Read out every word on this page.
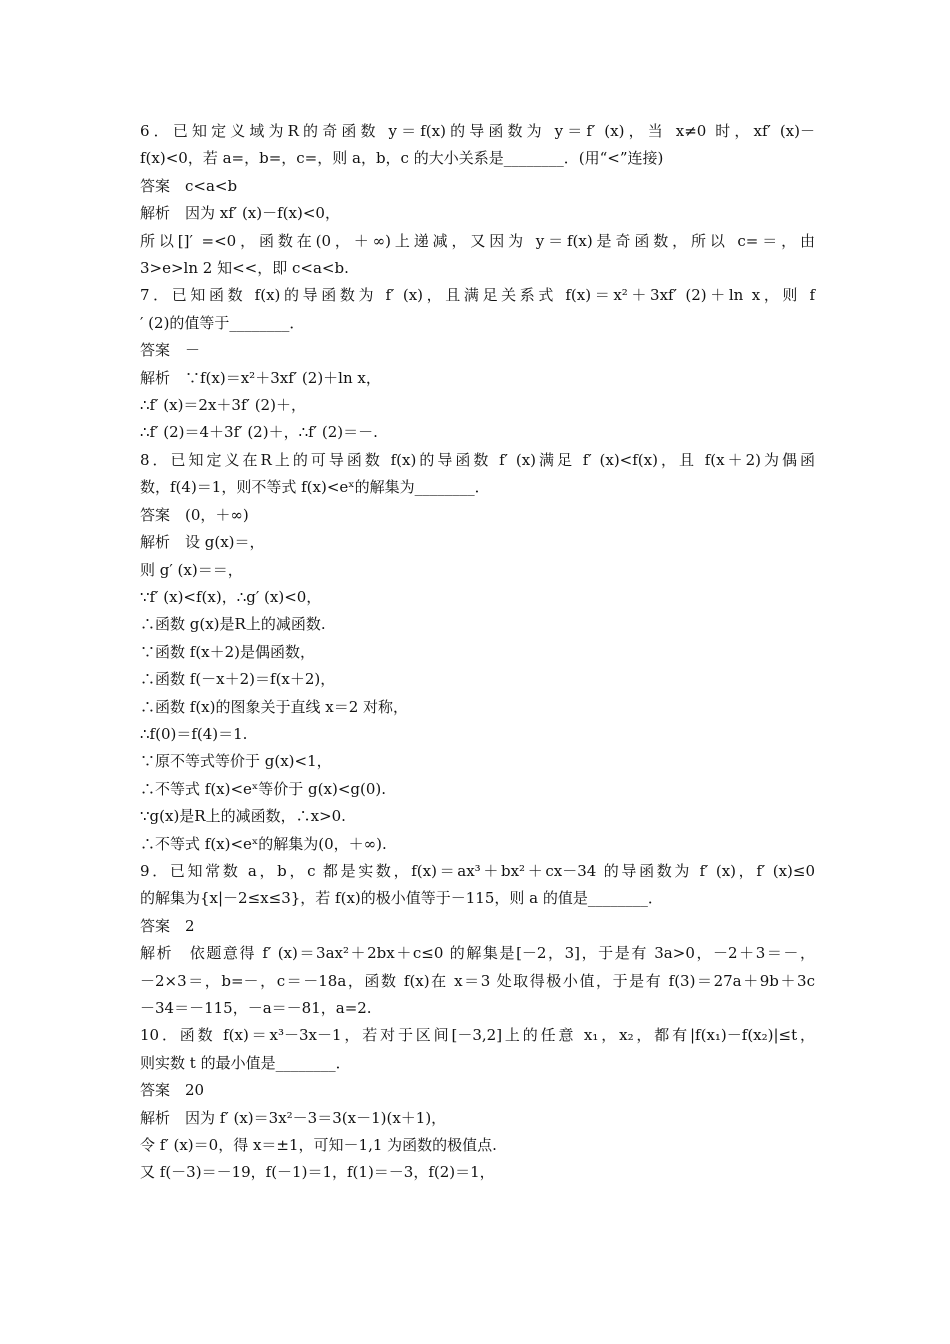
6．已知定义域为R的奇函数 y＝f(x)的导函数为 y＝f′ (x)，当 x≠0 时，xf′ (x)－
f(x)<0，若 a=，b=，c=，则 a，b，c 的大小关系是________．(用“<”连接)
答案　c<a<b
解析　因为 xf′ (x)－f(x)<0，
所以[]′ =<0，函数在(0，＋∞)上递减，又因为 y＝f(x)是奇函数，所以 c=＝，由
3>e>ln 2 知<<，即 c<a<b.
7．已知函数 f(x)的导函数为 f′ (x)，且满足关系式 f(x)＝x²＋3xf′ (2)＋ln x，则 f
′ (2)的值等于________．
答案　－
解析　∵f(x)＝x²＋3xf′ (2)＋ln x，
∴f′ (x)＝2x＋3f′ (2)＋，
∴f′ (2)＝4＋3f′ (2)＋，∴f′ (2)＝－.
8．已知定义在R上的可导函数 f(x)的导函数 f′ (x)满足 f′ (x)<f(x)，且 f(x＋2)为偶函
数，f(4)＝1，则不等式 f(x)<eˣ的解集为________．
答案　(0，＋∞)
解析　设 g(x)＝，
则 g′ (x)＝＝，
∵f′ (x)<f(x)，∴g′ (x)<0，
∴函数 g(x)是R上的减函数.
∵函数 f(x＋2)是偶函数，
∴函数 f(－x＋2)＝f(x＋2)，
∴函数 f(x)的图象关于直线 x＝2 对称，
∴f(0)＝f(4)＝1.
∵原不等式等价于 g(x)<1，
∴不等式 f(x)<eˣ等价于 g(x)<g(0).
∵g(x)是R上的减函数，∴x>0.
∴不等式 f(x)<eˣ的解集为(0，＋∞).
9．已知常数 a，b，c 都是实数，f(x)＝ax³＋bx²＋cx－34 的导函数为 f′ (x)，f′ (x)≤0
的解集为{x|－2≤x≤3}，若 f(x)的极小值等于－115，则 a 的值是________．
答案　2
解析　依题意得 f′ (x)＝3ax²＋2bx＋c≤0 的解集是[－2，3]，于是有 3a>0，－2＋3＝－，
－2×3＝，b=－，c＝－18a，函数 f(x)在 x＝3 处取得极小值，于是有 f(3)＝27a＋9b＋3c
－34＝－115，－a＝－81，a=2.
10．函数 f(x)＝x³－3x－1，若对于区间[－3,2]上的任意 x₁，x₂，都有|f(x₁)－f(x₂)|≤t，
则实数 t 的最小值是________．
答案　20
解析　因为 f′ (x)＝3x²－3＝3(x－1)(x＋1)，
令 f′ (x)＝0，得 x＝±1，可知－1,1 为函数的极值点.
又 f(－3)＝－19，f(－1)＝1，f(1)＝－3，f(2)＝1，
